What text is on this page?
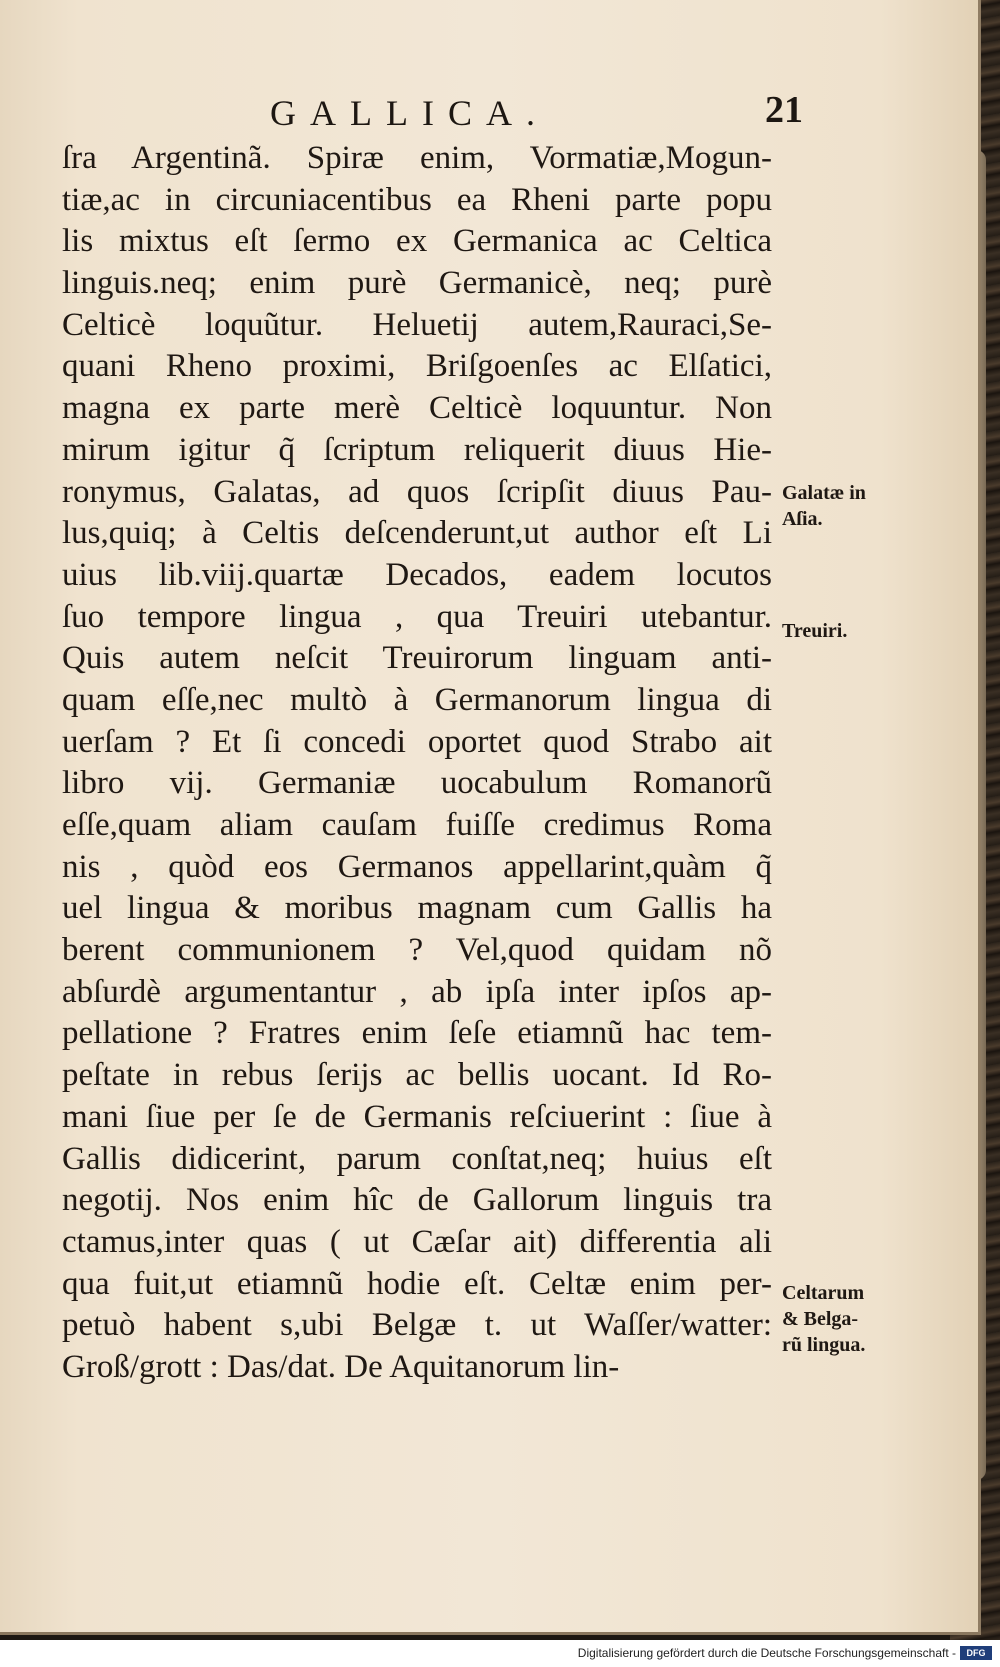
GALLICA.	21
ſra Argentinã. Spiræ enim, Vormatiæ,Mogun-
tiæ,ac in circuniacentibus ea Rheni parte popu
lis mixtus eſt ſermo ex Germanica ac Celtica
linguis.neq; enim purè Germanicè, neq; purè
Celticè loquũtur. Heluetij autem,Rauraci,Se-
quani Rheno proximi, Briſgoenſes ac Elſatici,
magna ex parte merè Celticè loquuntur. Non
mirum igitur q̃ ſcriptum reliquerit diuus Hie-
ronymus, Galatas, ad quos ſcripſit diuus Pau-
lus,quiq; à Celtis deſcenderunt,ut author eſt Li
uius lib.viij.quartæ Decados, eadem locutos
ſuo tempore lingua , qua Treuiri utebantur.
Quis autem neſcit Treuirorum linguam anti-
quam eſſe,nec multò à Germanorum lingua di
uerſam ? Et ſi concedi oportet quod Strabo ait
libro vij. Germaniæ uocabulum Romanorũ
eſſe,quam aliam cauſam fuiſſe credimus Roma
nis , quòd eos Germanos appellarint,quàm q̃
uel lingua & moribus magnam cum Gallis ha
berent communionem ? Vel,quod quidam nõ
abſurdè argumentantur , ab ipſa inter ipſos ap-
pellatione ? Fratres enim ſeſe etiamnũ hac tem-
peſtate in rebus ſerijs ac bellis uocant. Id Ro-
mani ſiue per ſe de Germanis reſciuerint : ſiue à
Gallis didicerint, parum conſtat,neq; huius eſt
negotij. Nos enim hîc de Gallorum linguis tra
ctamus,inter quas ( ut Cæſar ait) differentia ali
qua fuit,ut etiamnũ hodie eſt. Celtæ enim per-
petuò habent s,ubi Belgæ t. ut Waſſer/watter:
Groß/grott : Das/dat. De Aquitanorum lin-
Galatæ in
Aſia.
Treuiri.
Celtarum
& Belga-
rũ lingua.
Digitalisierung gefördert durch die Deutsche Forschungsgemeinschaft -	DFG
